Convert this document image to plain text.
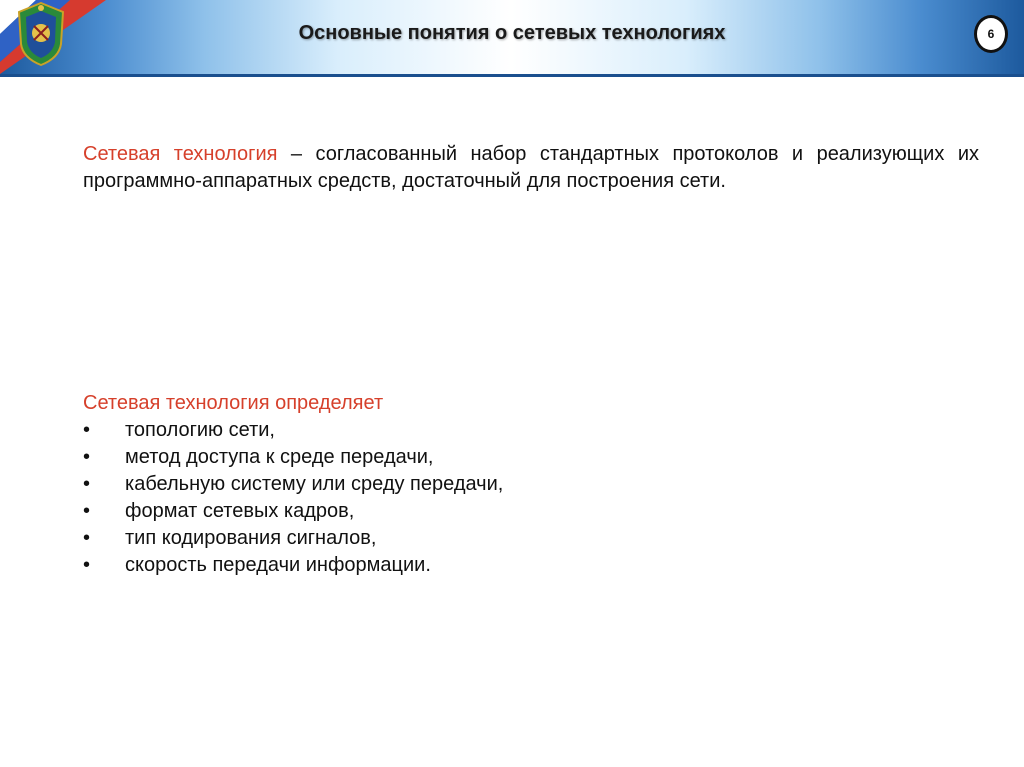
Основные понятия о сетевых технологиях	6
Сетевая технология – согласованный набор стандартных протоколов и реализующих их программно-аппаратных средств, достаточный для построения сети.
Сетевая технология определяет
• топологию сети,
• метод доступа к среде передачи,
• кабельную систему или среду передачи,
• формат сетевых кадров,
• тип кодирования сигналов,
• скорость передачи информации.
